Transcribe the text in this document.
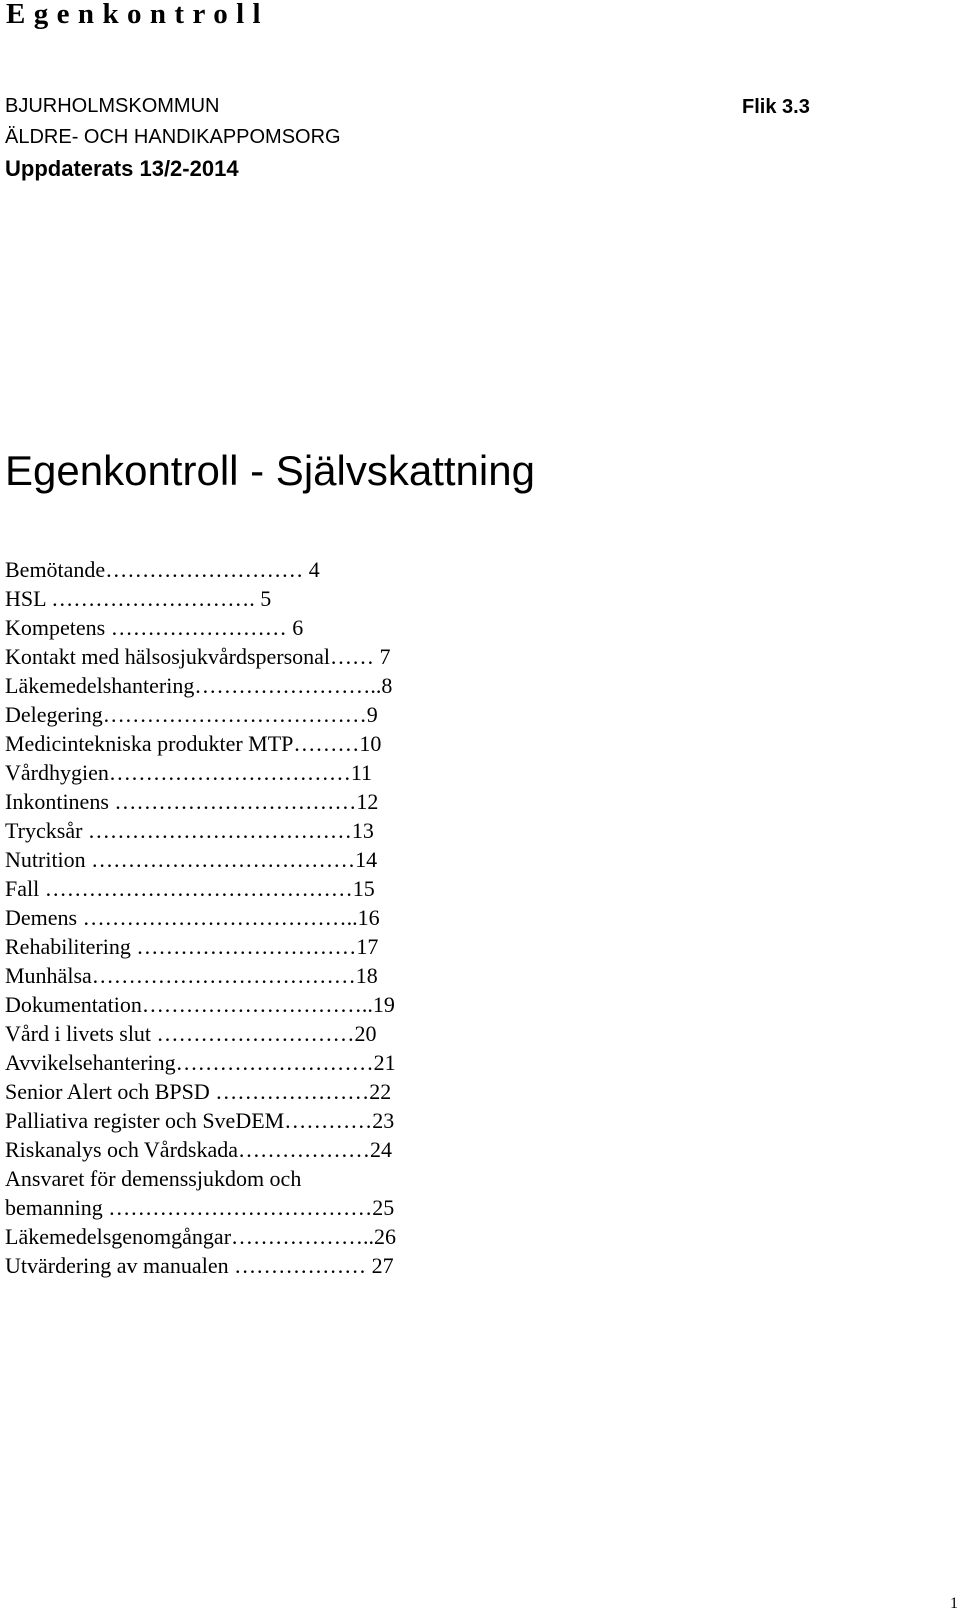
Egenkontroll
BJURHOLMSKOMMUN
ÄLDRE- OCH HANDIKAPPOMSORG
Uppdaterats 13/2-2014
Flik 3.3
Egenkontroll - Självskattning
Bemötande……………………… 4
HSL ………………………. 5
Kompetens …………………… 6
Kontakt med hälsosjukvårdspersonal…… 7
Läkemedelshantering……………………..8
Delegering………………………………9
Medicintekniska produkter MTP………10
Vårdhygien……………………………11
Inkontinens ……………………………12
Trycksår ………………………………13
Nutrition ………………………………14
Fall ……………………………………15
Demens ………………………………..16
Rehabilitering …………………………17
Munhälsa………………………………18
Dokumentation…………………………..19
Vård i livets slut ………………………20
Avvikelsehantering………………………21
Senior Alert och BPSD …………………22
Palliativa register och SveDEM…………23
Riskanalys och Vårdskada………………24
Ansvaret för demenssjukdom och
bemanning ………………………………25
Läkemedelsgenomgångar………………..26
Utvärdering av manualen ……………… 27
1
